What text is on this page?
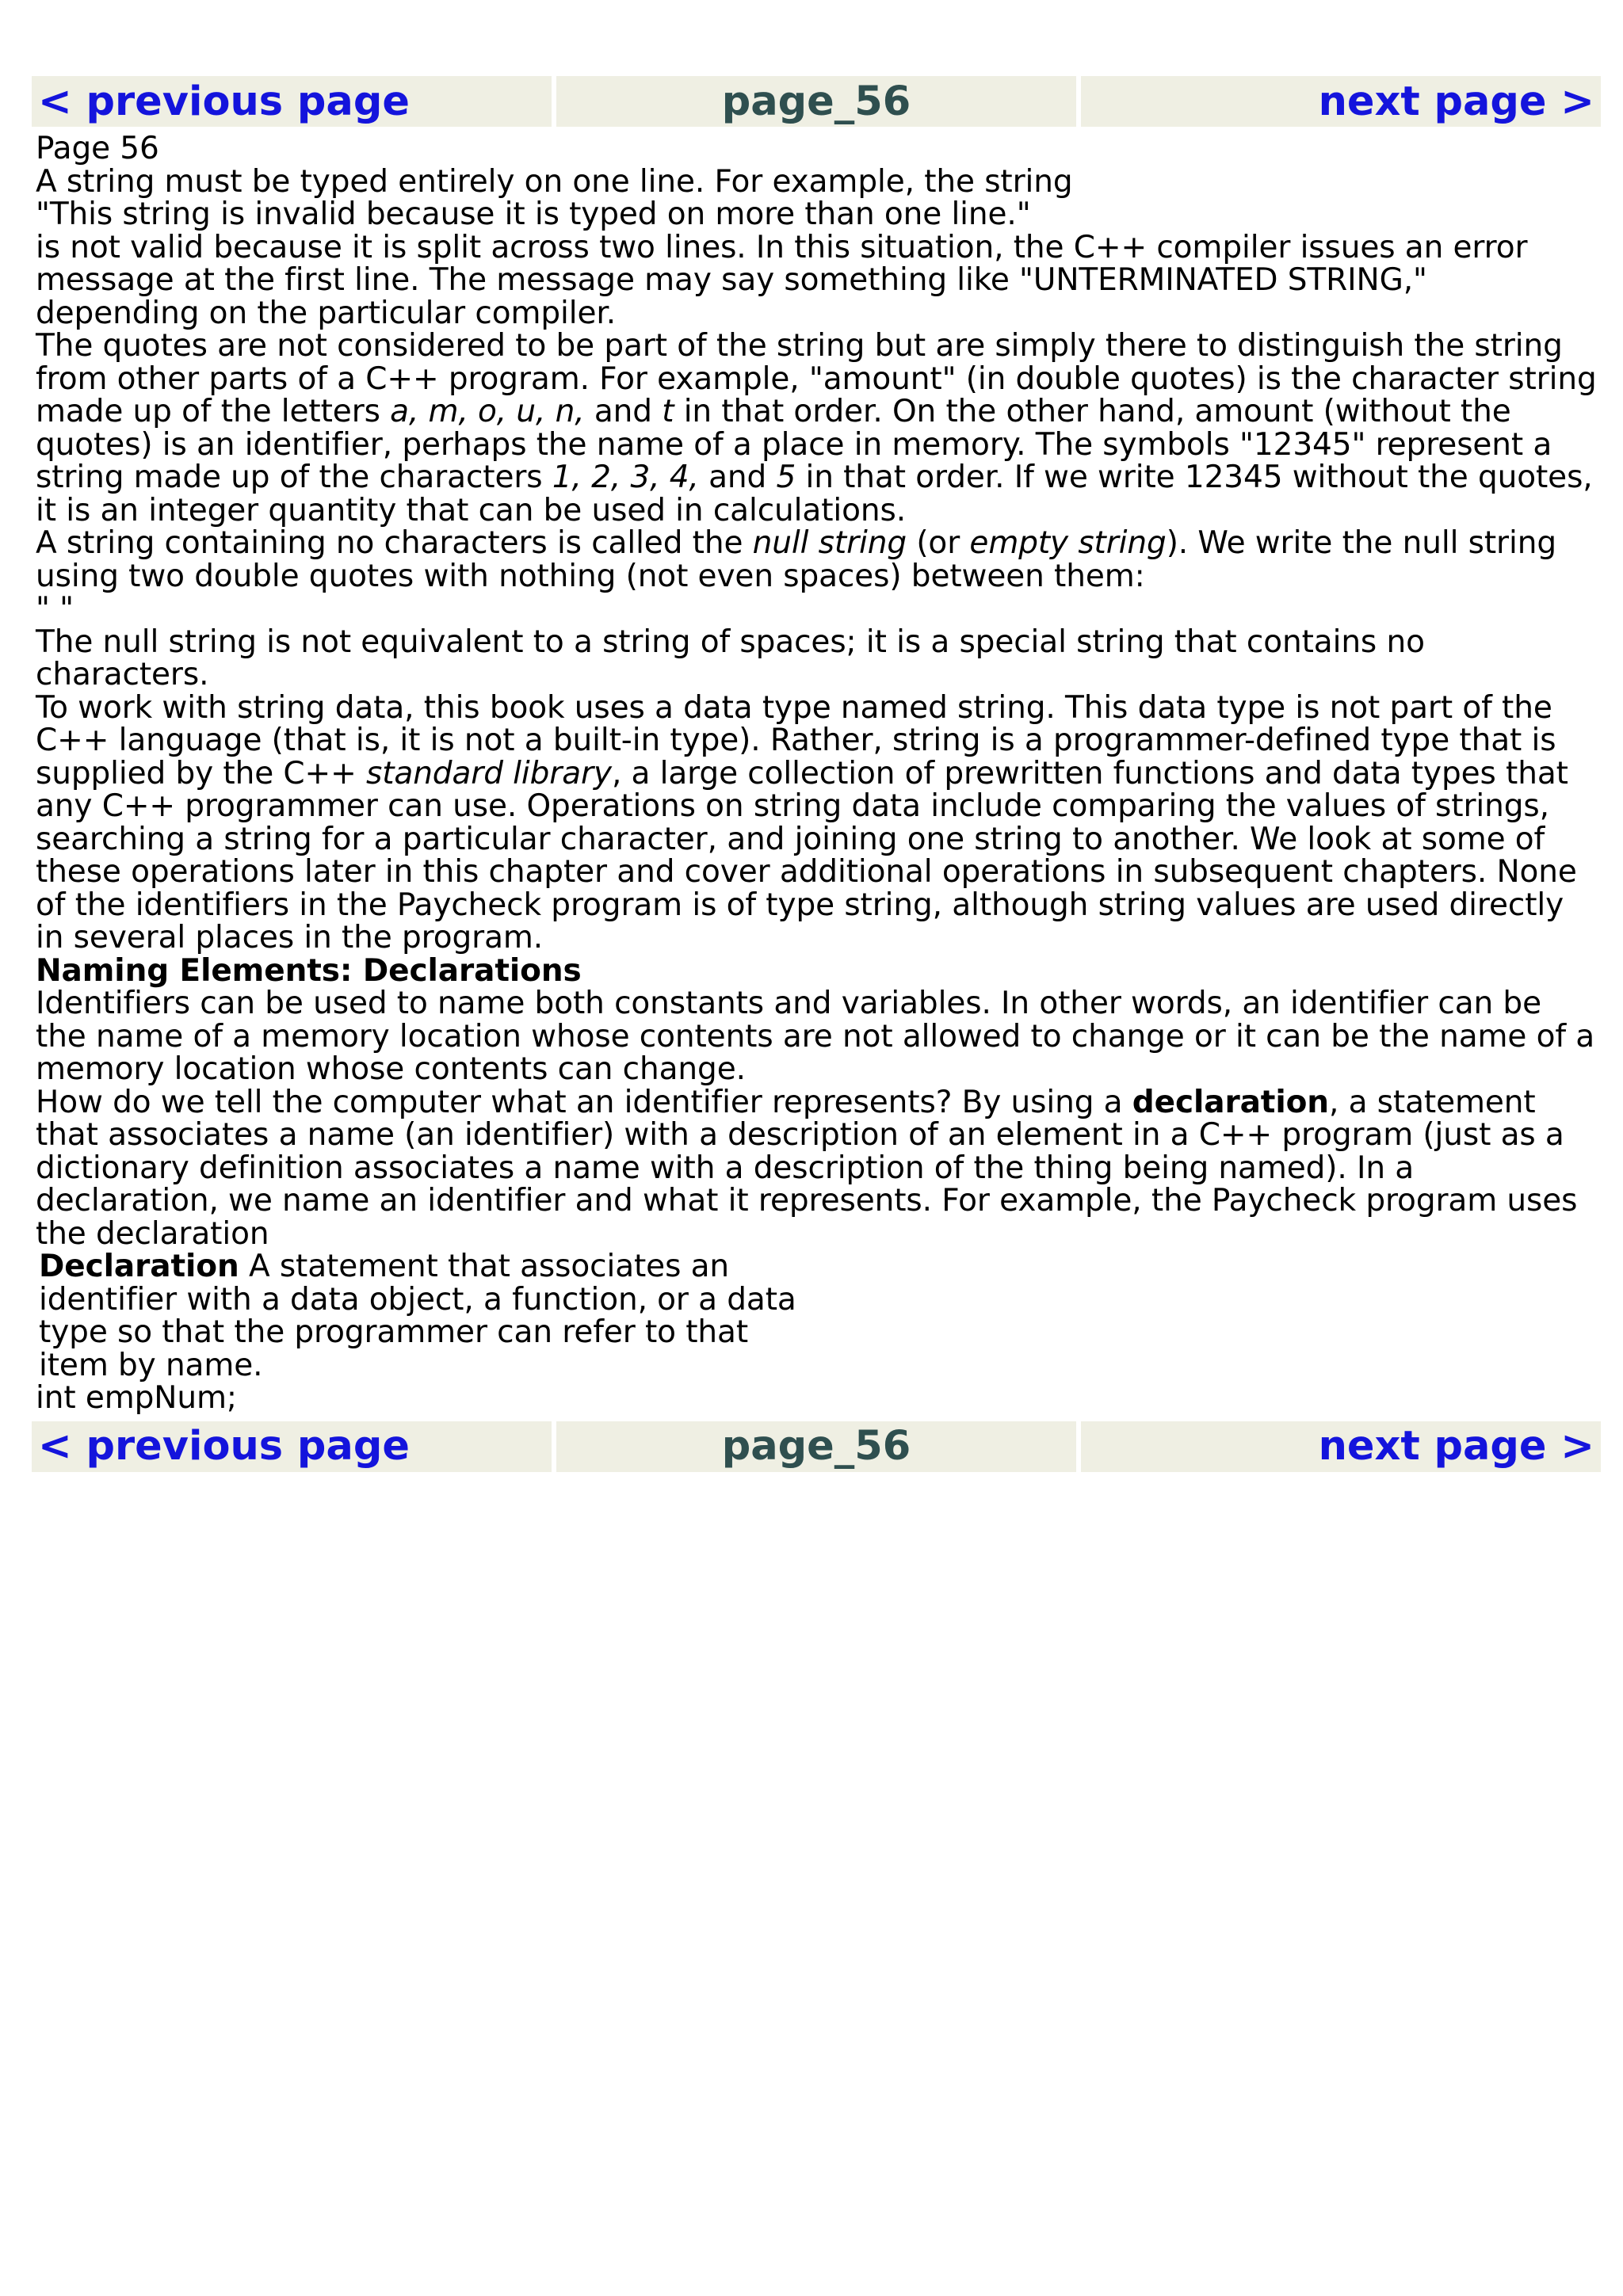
< previous page	page_56	next page >

Page 56

A string must be typed entirely on one line. For example, the string

"This string is invalid because it is typed on more than one line."

is not valid because it is split across two lines. In this situation, the C++ compiler issues an error message at the first line. The message may say something like "UNTERMINATED STRING," depending on the particular compiler.

The quotes are not considered to be part of the string but are simply there to distinguish the string from other parts of a C++ program. For example, "amount" (in double quotes) is the character string made up of the letters a, m, o, u, n, and t in that order. On the other hand, amount (without the quotes) is an identifier, perhaps the name of a place in memory. The symbols "12345" represent a string made up of the characters 1, 2, 3, 4, and 5 in that order. If we write 12345 without the quotes, it is an integer quantity that can be used in calculations.

A string containing no characters is called the null string (or empty string). We write the null string using two double quotes with nothing (not even spaces) between them:

" "

The null string is not equivalent to a string of spaces; it is a special string that contains no characters.

To work with string data, this book uses a data type named string. This data type is not part of the C++ language (that is, it is not a built-in type). Rather, string is a programmer-defined type that is supplied by the C++ standard library, a large collection of prewritten functions and data types that any C++ programmer can use. Operations on string data include comparing the values of strings, searching a string for a particular character, and joining one string to another. We look at some of these operations later in this chapter and cover additional operations in subsequent chapters. None of the identifiers in the Paycheck program is of type string, although string values are used directly in several places in the program.

Naming Elements: Declarations

Identifiers can be used to name both constants and variables. In other words, an identifier can be the name of a memory location whose contents are not allowed to change or it can be the name of a memory location whose contents can change.

How do we tell the computer what an identifier represents? By using a declaration, a statement that associates a name (an identifier) with a description of an element in a C++ program (just as a dictionary definition associates a name with a description of the thing being named). In a declaration, we name an identifier and what it represents. For example, the Paycheck program uses the declaration

Declaration A statement that associates an identifier with a data object, a function, or a data type so that the programmer can refer to that item by name.

int empNum;

< previous page	page_56	next page >
